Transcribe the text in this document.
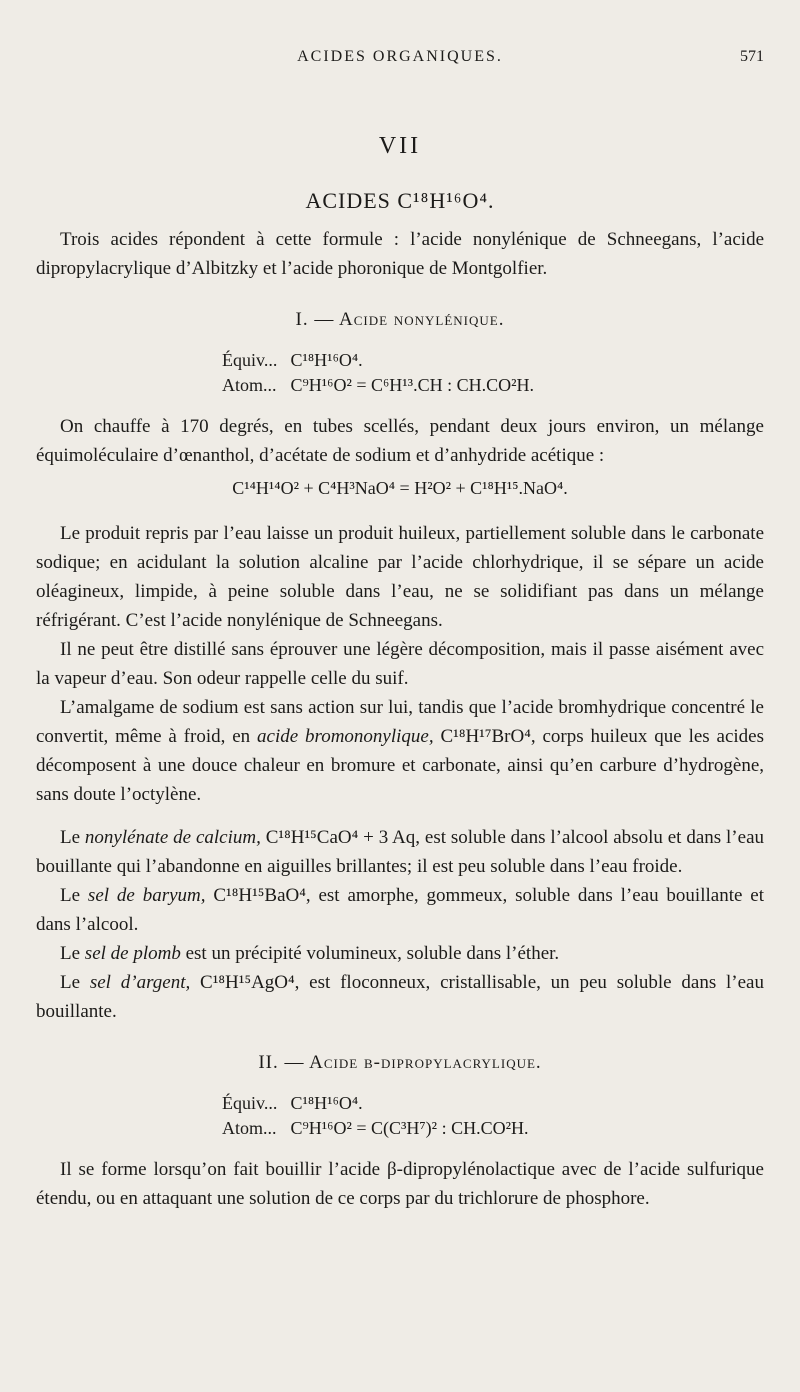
ACIDES ORGANIQUES.	571
VII
ACIDES C¹⁸H¹⁶O⁴.

Trois acides répondent à cette formule : l’acide nonylénique de Schneegans, l’acide dipropylacrylique d’Albitzky et l’acide phoronique de Montgolfier.

I. — Acide nonylénique.
Équiv... C¹⁸H¹⁶O⁴.
Atom... C⁹H¹⁶O² = C⁶H¹³.CH : CH.CO²H.

On chauffe à 170 degrés, en tubes scellés, pendant deux jours environ, un mélange équimoléculaire d’œnanthol, d’acétate de sodium et d’anhydride acétique :

C¹⁴H¹⁴O² + C⁴H³NaO⁴ = H²O² + C¹⁸H¹⁵.NaO⁴.

Le produit repris par l’eau laisse un produit huileux, partiellement soluble dans le carbonate sodique; en acidulant la solution alcaline par l’acide chlorhydrique, il se sépare un acide oléagineux, limpide, à peine soluble dans l’eau, ne se solidifiant pas dans un mélange réfrigérant. C’est l’acide nonylénique de Schneegans.

Il ne peut être distillé sans éprouver une légère décomposition, mais il passe aisément avec la vapeur d’eau. Son odeur rappelle celle du suif.

L’amalgame de sodium est sans action sur lui, tandis que l’acide bromhydrique concentré le convertit, même à froid, en acide bromononylique, C¹⁸H¹⁷BrO⁴, corps huileux que les acides décomposent à une douce chaleur en bromure et carbonate, ainsi qu’en carbure d’hydrogène, sans doute l’octylène.

Le nonylénate de calcium, C¹⁸H¹⁵CaO⁴ + 3 Aq, est soluble dans l’alcool absolu et dans l’eau bouillante qui l’abandonne en aiguilles brillantes; il est peu soluble dans l’eau froide.

Le sel de baryum, C¹⁸H¹⁵BaO⁴, est amorphe, gommeux, soluble dans l’eau bouillante et dans l’alcool.

Le sel de plomb est un précipité volumineux, soluble dans l’éther.

Le sel d’argent, C¹⁸H¹⁵AgO⁴, est floconneux, cristallisable, un peu soluble dans l’eau bouillante.

II. — Acide β-dipropylacrylique.
Équiv... C¹⁸H¹⁶O⁴.
Atom... C⁹H¹⁶O² = C(C³H⁷)² : CH.CO²H.

Il se forme lorsqu’on fait bouillir l’acide β-dipropylénolactique avec de l’acide sulfurique étendu, ou en attaquant une solution de ce corps par du trichlorure de phosphore.
